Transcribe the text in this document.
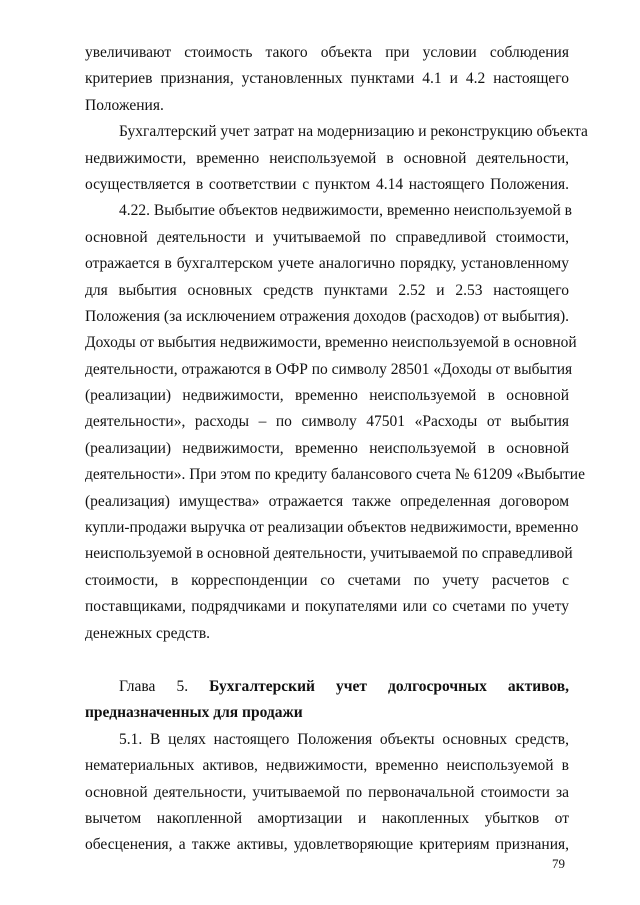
увеличивают стоимость такого объекта при условии соблюдения
критериев признания, установленных пунктами 4.1 и 4.2 настоящего
Положения.
Бухгалтерский учет затрат на модернизацию и реконструкцию объекта
недвижимости, временно неиспользуемой в основной деятельности,
осуществляется в соответствии с пунктом 4.14 настоящего Положения.
4.22. Выбытие объектов недвижимости, временно неиспользуемой в
основной деятельности и учитываемой по справедливой стоимости,
отражается в бухгалтерском учете аналогично порядку, установленному
для выбытия основных средств пунктами 2.52 и 2.53 настоящего
Положения (за исключением отражения доходов (расходов) от выбытия).
Доходы от выбытия недвижимости, временно неиспользуемой в основной
деятельности, отражаются в ОФР по символу 28501 «Доходы от выбытия
(реализации) недвижимости, временно неиспользуемой в основной
деятельности», расходы – по символу 47501 «Расходы от выбытия
(реализации) недвижимости, временно неиспользуемой в основной
деятельности». При этом по кредиту балансового счета № 61209 «Выбытие
(реализация) имущества» отражается также определенная договором
купли-продажи выручка от реализации объектов недвижимости, временно
неиспользуемой в основной деятельности, учитываемой по справедливой
стоимости, в корреспонденции со счетами по учету расчетов с
поставщиками, подрядчиками и покупателями или со счетами по учету
денежных средств.
Глава 5. Бухгалтерский учет долгосрочных активов,
предназначенных для продажи
5.1. В целях настоящего Положения объекты основных средств,
нематериальных активов, недвижимости, временно неиспользуемой в
основной деятельности, учитываемой по первоначальной стоимости за
вычетом накопленной амортизации и накопленных убытков от
обесценения, а также активы, удовлетворяющие критериям признания,
79
